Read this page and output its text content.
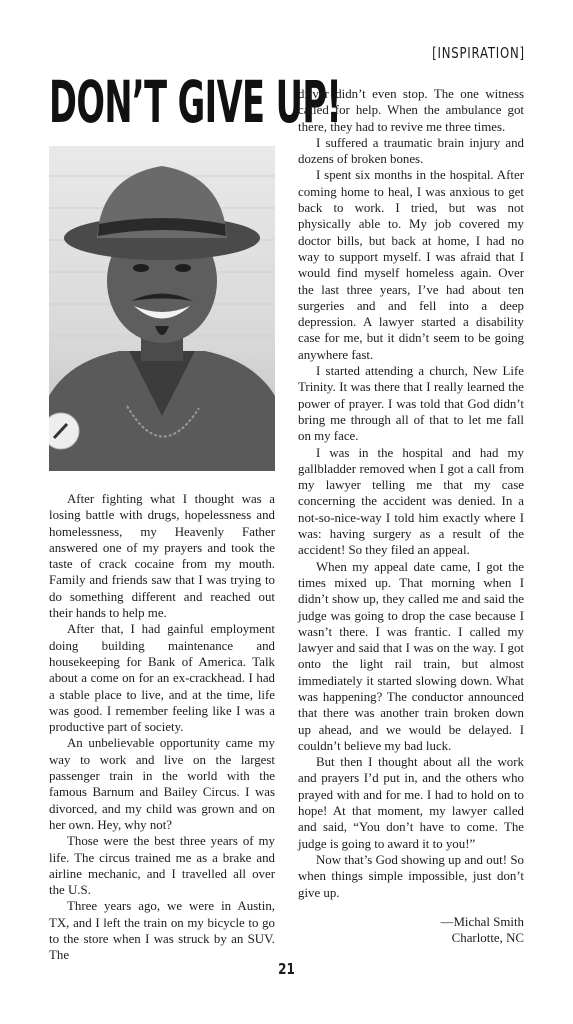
[INSPIRATION]
DON’T GIVE UP!

After fighting what I thought was a losing battle with drugs, hopelessness and homelessness, my Heavenly Father answered one of my prayers and took the taste of crack cocaine from my mouth. Family and friends saw that I was trying to do something different and reached out their hands to help me.

After that, I had gainful employment doing building maintenance and housekeeping for Bank of America. Talk about a come on for an ex-crackhead. I had a stable place to live, and at the time, life was good. I remember feeling like I was a productive part of society.

An unbelievable opportunity came my way to work and live on the largest passenger train in the world with the famous Barnum and Bailey Circus. I was divorced, and my child was grown and on her own. Hey, why not?

Those were the best three years of my life. The circus trained me as a brake and airline mechanic, and I travelled all over the U.S.

Three years ago, we were in Austin, TX, and I left the train on my bicycle to go to the store when I was struck by an SUV. The

driver didn’t even stop. The one witness called for help. When the ambulance got there, they had to revive me three times.

I suffered a traumatic brain injury and dozens of broken bones.

I spent six months in the hospital. After coming home to heal, I was anxious to get back to work. I tried, but was not physically able to. My job covered my doctor bills, but back at home, I had no way to support myself. I was afraid that I would find myself homeless again. Over the last three years, I’ve had about ten surgeries and and fell into a deep depression. A lawyer started a disability case for me, but it didn’t seem to be going anywhere fast.

I started attending a church, New Life Trinity. It was there that I really learned the power of prayer. I was told that God didn’t bring me through all of that to let me fall on my face.

I was in the hospital and had my gallbladder removed when I got a call from my lawyer telling me that my case concerning the accident was denied. In a not-so-nice-way I told him exactly where I was: having surgery as a result of the accident! So they filed an appeal.

When my appeal date came, I got the times mixed up. That morning when I didn’t show up, they called me and said the judge was going to drop the case because I wasn’t there. I was frantic. I called my lawyer and said that I was on the way. I got onto the light rail train, but almost immediately it started slowing down. What was happening? The conductor announced that there was another train broken down up ahead, and we would be delayed. I couldn’t believe my bad luck.

But then I thought about all the work and prayers I’d put in, and the others who prayed with and for me. I had to hold on to hope! At that moment, my lawyer called and said, “You don’t have to come. The judge is going to award it to you!”

Now that’s God showing up and out! So when things simple impossible, just don’t give up.

—Michal Smith
Charlotte, NC
21
